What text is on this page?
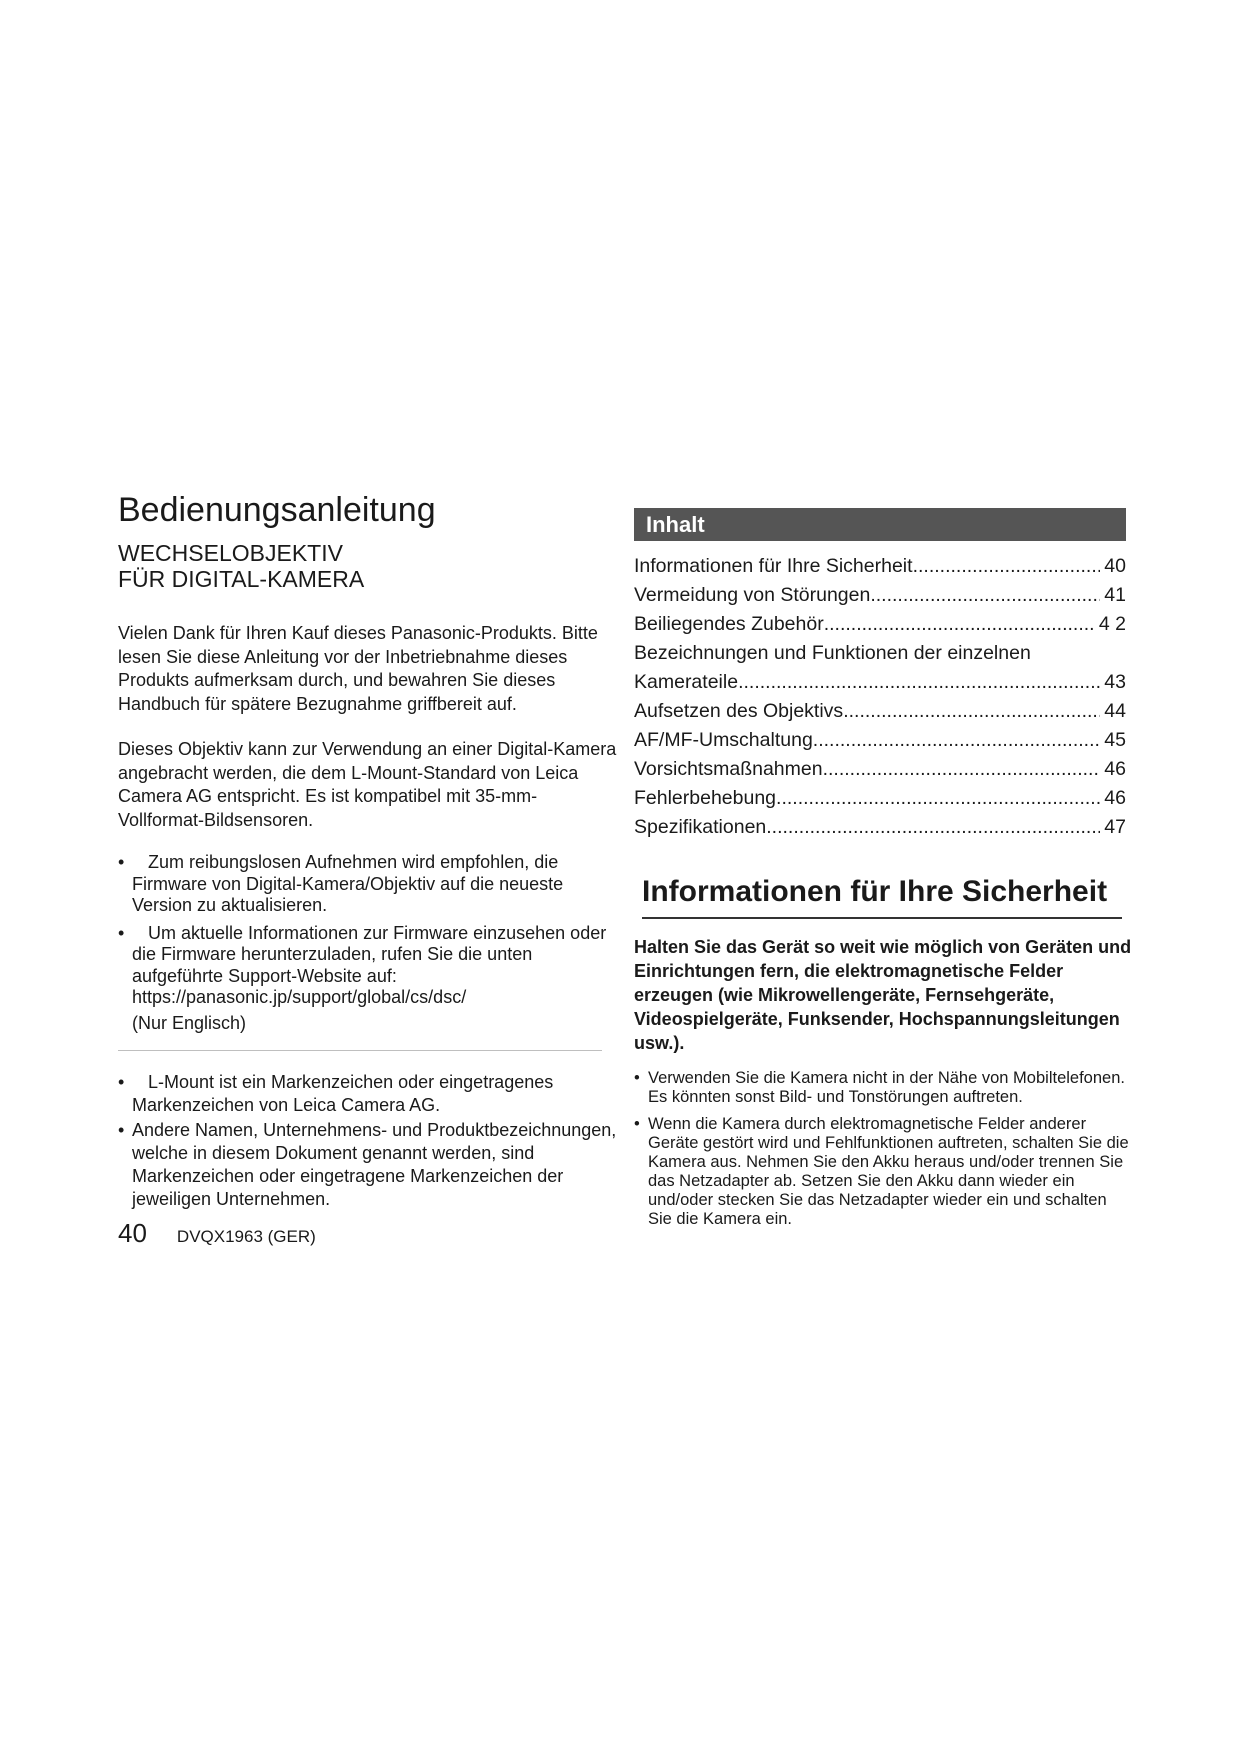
Bedienungsanleitung
WECHSELOBJEKTIV
FÜR DIGITAL-KAMERA

Vielen Dank für Ihren Kauf dieses Panasonic-Produkts. Bitte lesen Sie diese Anleitung vor der Inbetriebnahme dieses Produkts aufmerksam durch, und bewahren Sie dieses Handbuch für spätere Bezugnahme griffbereit auf.

Dieses Objektiv kann zur Verwendung an einer Digital-Kamera angebracht werden, die dem L-Mount-Standard von Leica Camera AG entspricht. Es ist kompatibel mit 35-mm-Vollformat-Bildsensoren.

• Zum reibungslosen Aufnehmen wird empfohlen, die Firmware von Digital-Kamera/Objektiv auf die neueste Version zu aktualisieren.
• Um aktuelle Informationen zur Firmware einzusehen oder die Firmware herunterzuladen, rufen Sie die unten aufgeführte Support-Website auf: https://panasonic.jp/support/global/cs/dsc/
(Nur Englisch)
• L-Mount ist ein Markenzeichen oder eingetragenes Markenzeichen von Leica Camera AG.
• Andere Namen, Unternehmens- und Produktbezeichnungen, welche in diesem Dokument genannt werden, sind Markenzeichen oder eingetragene Markenzeichen der jeweiligen Unternehmen.
40 DVQX1963 (GER)
Inhalt
Informationen für Ihre Sicherheit .....	40
Vermeidung von Störungen .....	41
Beiliegendes Zubehör .....	4 2
Bezeichnungen und Funktionen der einzelnen
Kamerateile .....	43
Aufsetzen des Objektivs .....	44
AF/MF-Umschaltung .....	45
Vorsichtsmaßnahmen .....	46
Fehlerbehebung .....	46
Spezifikationen .....	47
Informationen für Ihre Sicherheit

Halten Sie das Gerät so weit wie möglich von Geräten und Einrichtungen fern, die elektromagnetische Felder erzeugen (wie Mikrowellengeräte, Fernsehgeräte, Videospielgeräte, Funksender, Hochspannungsleitungen usw.).

• Verwenden Sie die Kamera nicht in der Nähe von Mobiltelefonen. Es könnten sonst Bild- und Tonstörungen auftreten.
• Wenn die Kamera durch elektromagnetische Felder anderer Geräte gestört wird und Fehlfunktionen auftreten, schalten Sie die Kamera aus. Nehmen Sie den Akku heraus und/oder trennen Sie das Netzadapter ab. Setzen Sie den Akku dann wieder ein und/oder stecken Sie das Netzadapter wieder ein und schalten Sie die Kamera ein.
